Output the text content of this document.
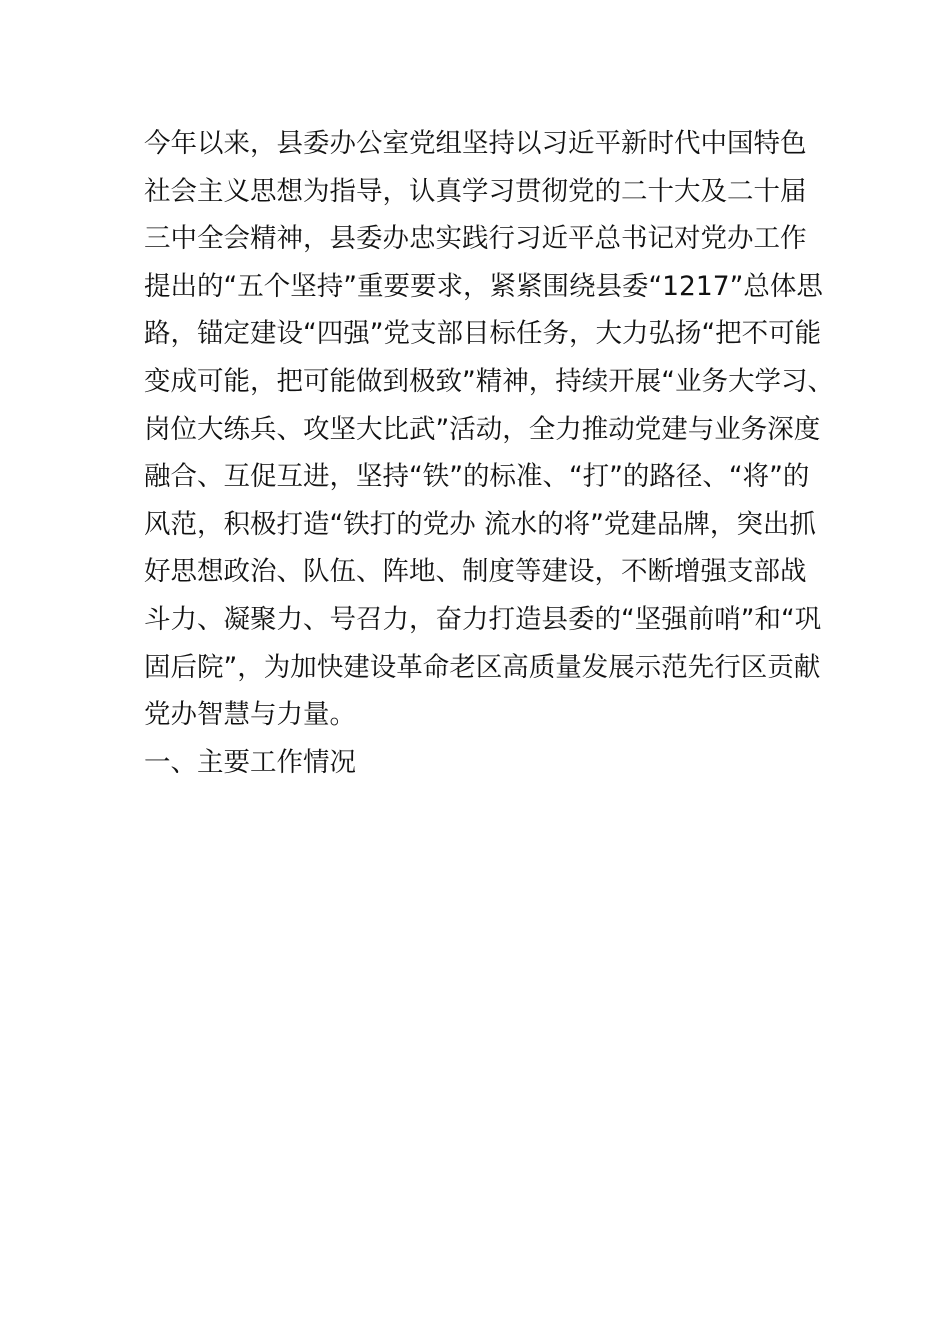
今年以来，县委办公室党组坚持以习近平新时代中国特色
社会主义思想为指导，认真学习贯彻党的二十大及二十届
三中全会精神，县委办忠实践行习近平总书记对党办工作
提出的“五个坚持”重要要求，紧紧围绕县委“1217”总体思
路，锚定建设“四强”党支部目标任务，大力弘扬“把不可能
变成可能，把可能做到极致”精神，持续开展“业务大学习、
岗位大练兵、攻坚大比武”活动，全力推动党建与业务深度
融合、互促互进，坚持“铁”的标准、“打”的路径、“将”的
风范，积极打造“铁打的党办 流水的将”党建品牌，突出抓
好思想政治、队伍、阵地、制度等建设，不断增强支部战
斗力、凝聚力、号召力，奋力打造县委的“坚强前哨”和“巩
固后院”，为加快建设革命老区高质量发展示范先行区贡献
党办智慧与力量。
一、主要工作情况
